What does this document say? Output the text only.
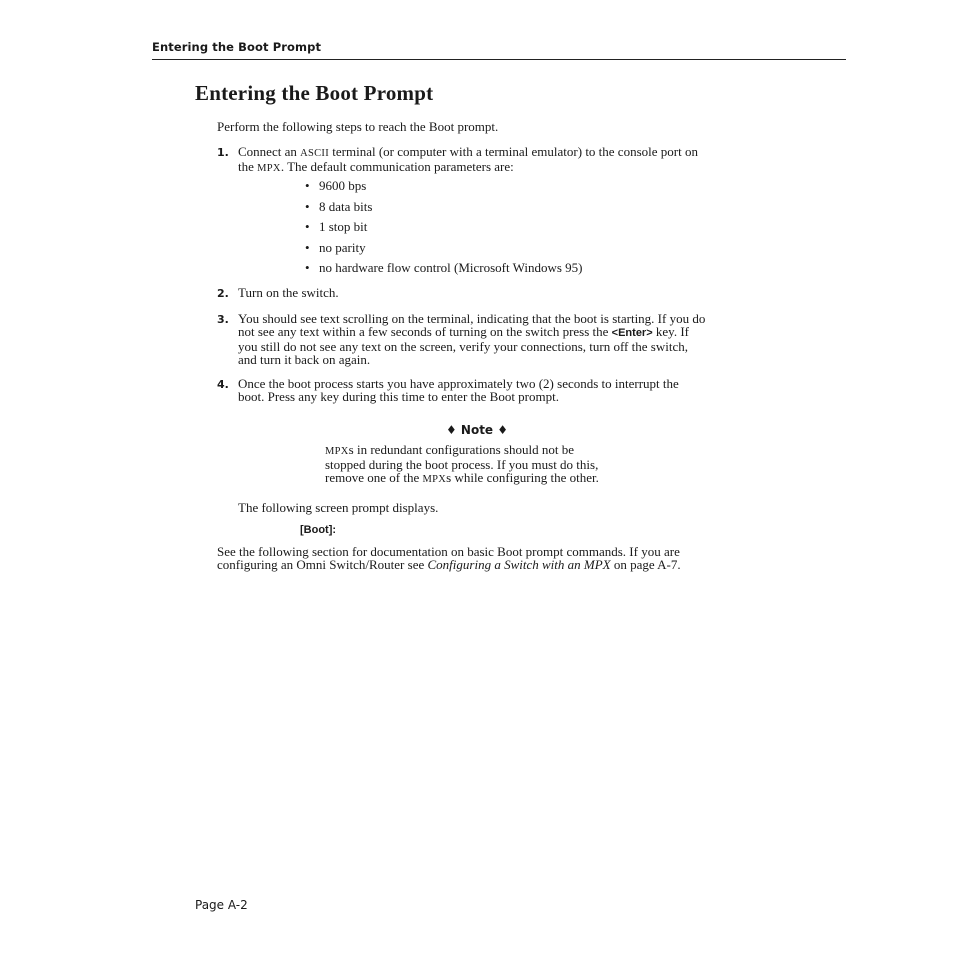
Entering the Boot Prompt
Entering the Boot Prompt
Perform the following steps to reach the Boot prompt.
1. Connect an ASCII terminal (or computer with a terminal emulator) to the console port on
the MPX. The default communication parameters are:
• 9600 bps
• 8 data bits
• 1 stop bit
• no parity
• no hardware flow control (Microsoft Windows 95)
2. Turn on the switch.
3. You should see text scrolling on the terminal, indicating that the boot is starting. If you do
not see any text within a few seconds of turning on the switch press the <Enter> key. If
you still do not see any text on the screen, verify your connections, turn off the switch,
and turn it back on again.
4. Once the boot process starts you have approximately two (2) seconds to interrupt the
boot. Press any key during this time to enter the Boot prompt.
♦ Note ♦
MPXs in redundant configurations should not be
stopped during the boot process. If you must do this,
remove one of the MPXs while configuring the other.
The following screen prompt displays.
[Boot]:
See the following section for documentation on basic Boot prompt commands. If you are
configuring an Omni Switch/Router see Configuring a Switch with an MPX on page A-7.
Page A-2
